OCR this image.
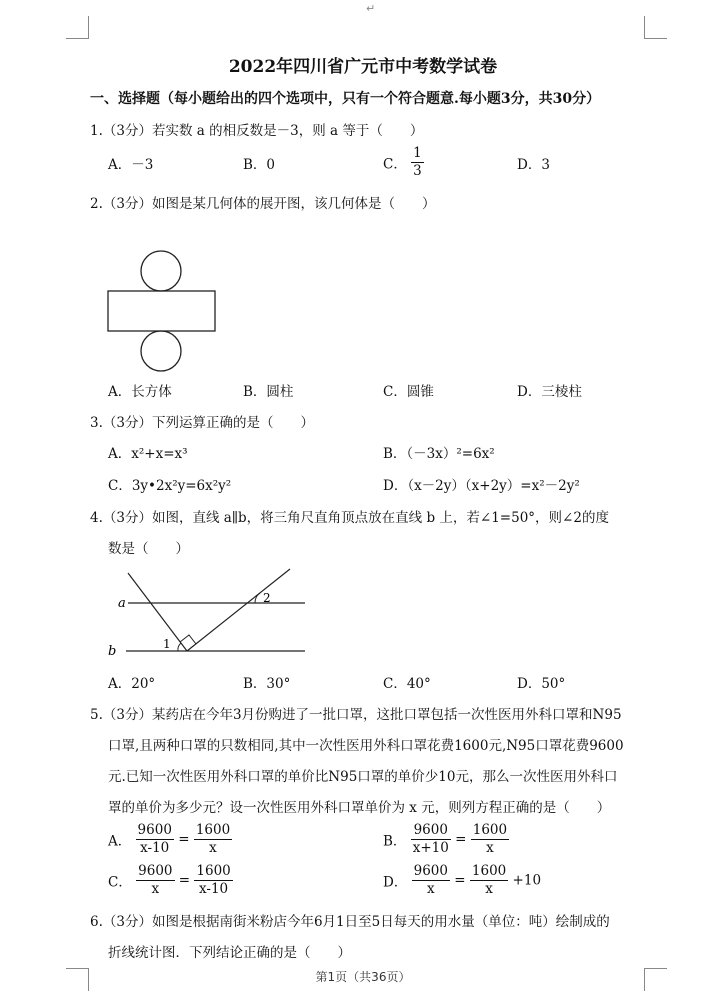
↵
2022年四川省广元市中考数学试卷
一、选择题（每小题给出的四个选项中，只有一个符合题意.每小题3分，共30分）
1.（3分）若实数 a 的相反数是－3，则 a 等于（　　）
A．－3	B．0	C． $\frac{1}{3}$	D．3
2.（3分）如图是某几何体的展开图，该几何体是（　　）
A．长方体	B．圆柱	C．圆锥	D．三棱柱
3.（3分）下列运算正确的是（　　）
A．x²+x=x³	B．（－3x）²=6x²
C．3y•2x²y=6x²y²	D．（x－2y）（x+2y）=x²－2y²
4.（3分）如图，直线 a∥b，将三角尺直角顶点放在直线 b 上，若∠1=50°，则∠2的度
数是（　　）
a
b	1
2
A．20°	B．30°	C．40°	D．50°
5.（3分）某药店在今年3月份购进了一批口罩，这批口罩包括一次性医用外科口罩和N95
口罩,且两种口罩的只数相同,其中一次性医用外科口罩花费1600元,N95口罩花费9600
元.已知一次性医用外科口罩的单价比N95口罩的单价少10元，那么一次性医用外科口
罩的单价为多少元？设一次性医用外科口罩单价为 x 元，则列方程正确的是（　　）
A． $\frac{9600}{x-10} = \frac{1600}{x}$	B． $\frac{9600}{x+10} = \frac{1600}{x}$
C． $\frac{9600}{x} = \frac{1600}{x-10}$	D． $\frac{9600}{x} = \frac{1600}{x} +10$
6.（3分）如图是根据南街米粉店今年6月1日至5日每天的用水量（单位：吨）绘制成的
折线统计图．下列结论正确的是（　　）
第1页（共36页）
